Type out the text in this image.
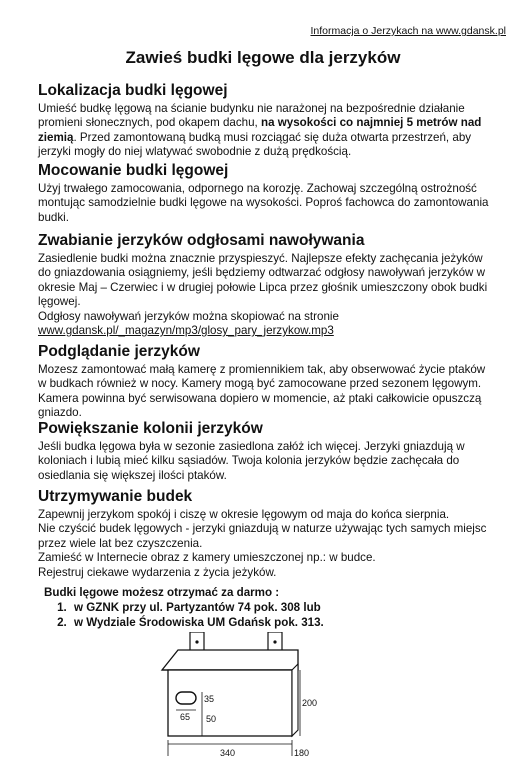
Informacja o Jerzykach na www.gdansk.pl
Zawieś budki lęgowe dla jerzyków
Lokalizacja budki lęgowej

Umieść budkę lęgową na ścianie budynku nie narażonej na bezpośrednie działanie promieni słonecznych, pod okapem dachu, na wysokości co najmniej 5 metrów nad ziemią. Przed zamontowaną budką musi rozciągać się duża otwarta przestrzeń, aby jerzyki mogły do niej wlatywać swobodnie z dużą prędkością.

Mocowanie budki lęgowej

Użyj trwałego zamocowania, odpornego na korozję. Zachowaj szczególną ostrożność montując samodzielnie budki lęgowe na wysokości. Poproś fachowca do zamontowania budki.

Zwabianie jerzyków odgłosami nawoływania

Zasiedlenie budki można znacznie przyspieszyć. Najlepsze efekty zachęcania jeżyków do gniazdowania osiągniemy, jeśli będziemy odtwarzać odgłosy nawoływań jerzyków w okresie Maj – Czerwiec i w drugiej połowie Lipca przez głośnik umieszczony obok budki lęgowej.

Odgłosy nawoływań jerzyków można skopiować na stronie

www.gdansk.pl/_magazyn/mp3/glosy_pary_jerzykow.mp3

Podglądanie jerzyków

Mozesz zamontować małą kamerę z promiennikiem tak, aby obserwować życie ptaków w budkach również w nocy. Kamery mogą być zamocowane przed sezonem lęgowym. Kamera powinna być serwisowana dopiero w momencie, aż ptaki całkowicie opuszczą gniazdo.

Powiększanie kolonii jerzyków

Jeśli budka lęgowa była w sezonie zasiedlona załóż ich więcej. Jerzyki gniazdują w koloniach i lubią mieć kilku sąsiadów. Twoja kolonia jerzyków będzie zachęcała do osiedlania się większej ilości ptaków.

Utrzymywanie budek

Zapewnij jerzykom spokój i ciszę w okresie lęgowym od maja do końca sierpnia.

Nie czyścić budek lęgowych - jerzyki gniazdują w naturze używając tych samych miejsc przez wiele lat bez czyszczenia.

Zamieść w Internecie obraz z kamery umieszczonej np.: w budce.

Rejestruj ciekawe wydarzenia z życia jeżyków.

Budki lęgowe możesz otrzymać za darmo :
1. w GZNK przy ul. Partyzantów 74 pok. 308 lub
2. w Wydziale Środowiska UM Gdańsk pok. 313.
35
65 50
200
340	180
